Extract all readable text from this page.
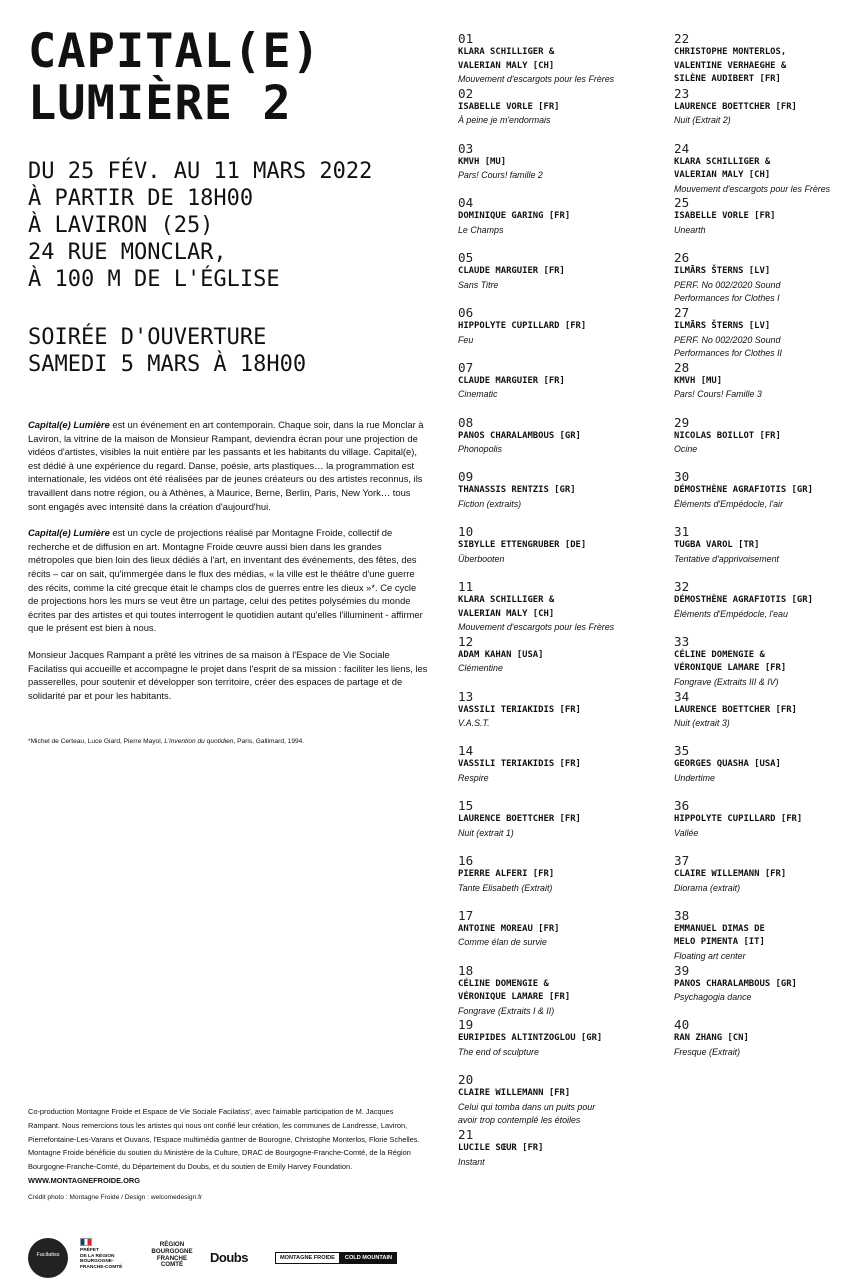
CAPITAL(E)
LUMIÈRE 2
DU 25 FÉV. AU 11 MARS 2022
À PARTIR DE 18H00
À LAVIRON (25)
24 RUE MONCLAR,
À 100 M DE L'ÉGLISE
SOIRÉE D'OUVERTURE
SAMEDI 5 MARS À 18H00

Capital(e) Lumière est un événement en art contemporain. Chaque soir, dans la rue Monclar à Laviron, la vitrine de la maison de Monsieur Rampant, deviendra écran pour une projection de vidéos d'artistes, visibles la nuit entière par les passants et les habitants du village. Capital(e), est dédié à une expérience du regard. Danse, poésie, arts plastiques… la programmation est internationale, les vidéos ont été réalisées par de jeunes créateurs ou des artistes reconnus, ils travaillent dans notre région, ou à Athènes, à Maurice, Berne, Berlin, Paris, New York… tous sont engagés avec intensité dans la création d'aujourd'hui.

Capital(e) Lumière est un cycle de projections réalisé par Montagne Froide, collectif de recherche et de diffusion en art. Montagne Froide œuvre aussi bien dans les grandes métropoles que bien loin des lieux dédiés à l'art, en inventant des événements, des fêtes, des récits – car on sait, qu'immergée dans le flux des médias, « la ville est le théâtre d'une guerre des récits, comme la cité grecque était le champs clos de guerres entre les dieux »*. Ce cycle de projections hors les murs se veut être un partage, celui des petites polysémies du monde écrites par des artistes et qui toutes interrogent le quotidien autant qu'elles l'illuminent - affirmer que le présent est bien à nous.

Monsieur Jacques Rampant a prêté les vitrines de sa maison à l'Espace de Vie Sociale Facilatiss qui accueille et accompagne le projet dans l'esprit de sa mission : faciliter les liens, les passerelles, pour soutenir et développer son territoire, créer des espaces de partage et de solidarité par et pour les habitants.

*Michel de Certeau, Luce Giard, Pierre Mayol, L'invention du quotidien, Paris, Gallimard, 1994.
Co-production Montagne Froide et Espace de Vie Sociale Facilatiss', avec l'aimable participation de M. Jacques Rampant. Nous remercions tous les artistes qui nous ont confié leur création, les communes de Landresse, Laviron, Pierrefontaine-Les-Varans et Ouvans, l'Espace multimédia gantner de Bourogne, Christophe Monterlos, Florie Schelles. Montagne Froide bénéficie du soutien du Ministère de la Culture, DRAC de Bourgogne-Franche-Comté, de la Région Bourgogne-Franche-Comté, du Département du Doubs, et du soutien de Emily Harvey Foundation.
WWW.MONTAGNEFROIDE.ORG
Crédit photo : Montagne Froide / Design : welcomedesign.fr
Facilatiss
PRÉFET
DE LA RÉGION
BOURGOGNE-
FRANCHE-COMTÉ
RÉGION
BOURGOGNE
FRANCHE
COMTÉ	Doubs	MONTAGNE FROIDE	COLD MOUNTAIN
01
KLARA SCHILLIGER &
VALERIAN MALY [CH]
Mouvement d'escargots pour les Frères
02
ISABELLE VORLE [FR]
À peine je m'endormais
03
KMVH [MU]
Pars! Cours! famille 2
04
DOMINIQUE GARING [FR]
Le Champs
05
CLAUDE MARGUIER [FR]
Sans Titre
06
HIPPOLYTE CUPILLARD [FR]
Feu
07
CLAUDE MARGUIER [FR]
Cinematic
08
PANOS CHARALAMBOUS [GR]
Phonopolis
09
THANASSIS RENTZIS [GR]
Fiction (extraits)
10
SIBYLLE ETTENGRUBER [DE]
Überbooten
11
KLARA SCHILLIGER &
VALERIAN MALY [CH]
Mouvement d'escargots pour les Frères
12
ADAM KAHAN [USA]
Clémentine
13
VASSILI TERIAKIDIS [FR]
V.A.S.T.
14
VASSILI TERIAKIDIS [FR]
Respire
15
LAURENCE BOETTCHER [FR]
Nuit (extrait 1)
16
PIERRE ALFERI [FR]
Tante Elisabeth (Extrait)
17
ANTOINE MOREAU [FR]
Comme élan de survie
18
CÉLINE DOMENGIE &
VÉRONIQUE LAMARE [FR]
Fongrave (Extraits I & II)
19
EURIPIDES ALTINTZOGLOU [GR]
The end of sculpture
20
CLAIRE WILLEMANN [FR]
Celui qui tomba dans un puits pour
avoir trop contemplé les étoiles
21
LUCILE SŒUR [FR]
Instant
22
CHRISTOPHE MONTERLOS,
VALENTINE VERHAEGHE &
SILÈNE AUDIBERT [FR]
23
LAURENCE BOETTCHER [FR]
Nuit (Extrait 2)
24
KLARA SCHILLIGER &
VALERIAN MALY [CH]
Mouvement d'escargots pour les Frères
25
ISABELLE VORLE [FR]
Unearth
26
ILMĀRS ŠTERNS [LV]
PERF. No 002/2020 Sound
Performances for Clothes I
27
ILMĀRS ŠTERNS [LV]
PERF. No 002/2020 Sound
Performances for Clothes II
28
KMVH [MU]
Pars! Cours! Famille 3
29
NICOLAS BOILLOT [FR]
Ocine
30
DÉMOSTHÈNE AGRAFIOTIS [GR]
Éléments d'Empédocle, l'air
31
TUGBA VAROL [TR]
Tentative d'apprivoisement
32
DÉMOSTHÈNE AGRAFIOTIS [GR]
Éléments d'Empédocle, l'eau
33
CÉLINE DOMENGIE &
VÉRONIQUE LAMARE [FR]
Fongrave (Extraits III & IV)
34
LAURENCE BOETTCHER [FR]
Nuit (extrait 3)
35
GEORGES QUASHA [USA]
Undertime
36
HIPPOLYTE CUPILLARD [FR]
Vallée
37
CLAIRE WILLEMANN [FR]
Diorama (extrait)
38
EMMANUEL DIMAS DE
MELO PIMENTA [IT]
Floating art center
39
PANOS CHARALAMBOUS [GR]
Psychagogia dance
40
RAN ZHANG [CN]
Fresque (Extrait)
